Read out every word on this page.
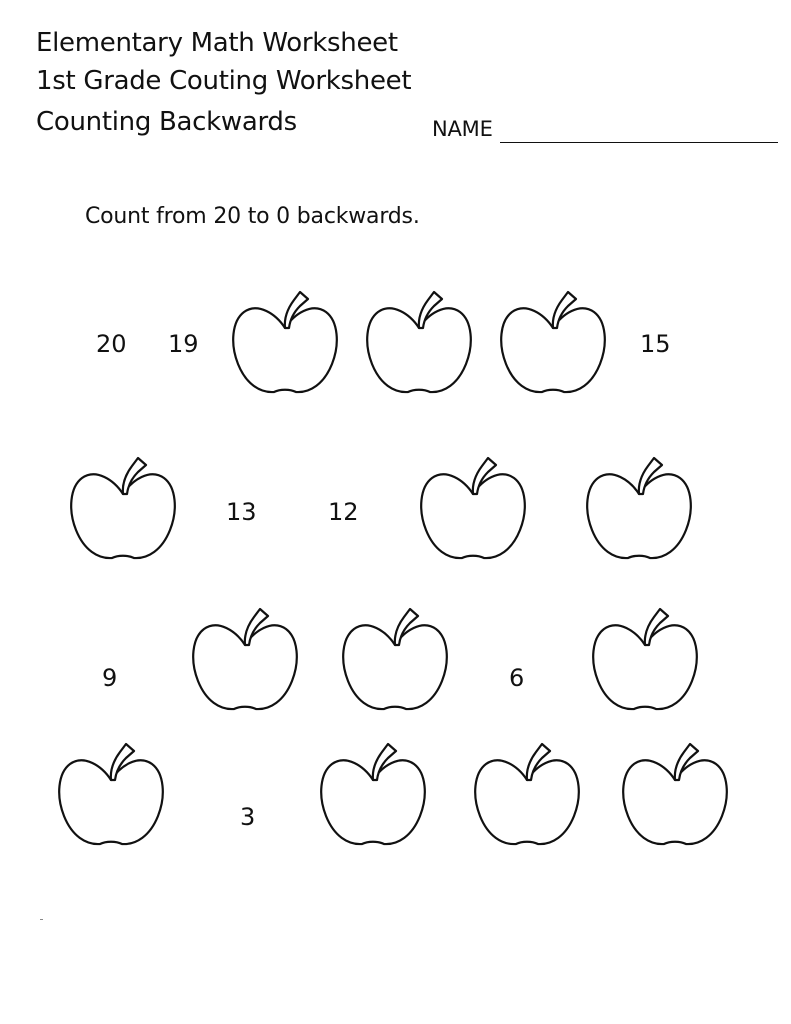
Elementary Math Worksheet
1st Grade Couting Worksheet
Counting Backwards	NAME
Count from 20 to 0 backwards.
20 19	15
13	12
9	6
3
